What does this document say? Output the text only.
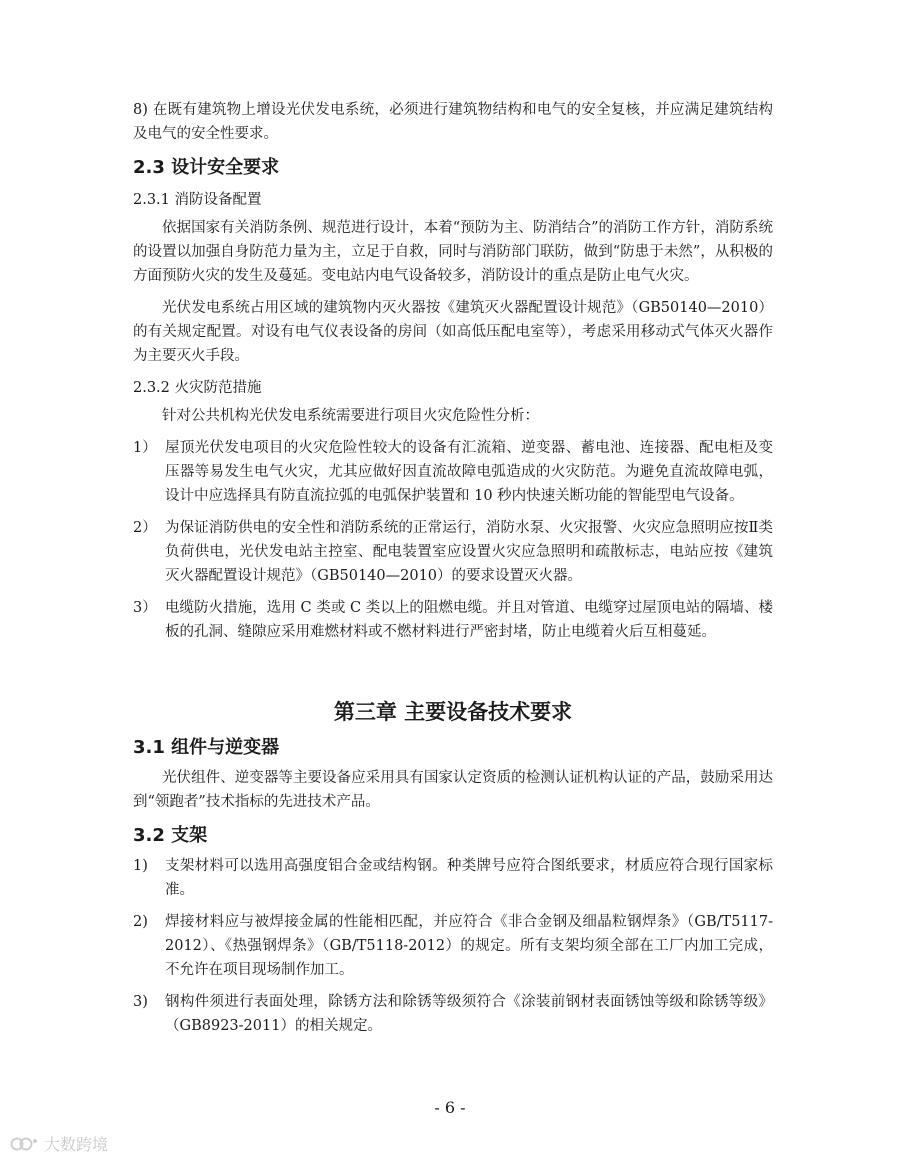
8) 在既有建筑物上增设光伏发电系统，必须进行建筑物结构和电气的安全复核，并应满足建筑结构及电气的安全性要求。

2.3 设计安全要求
2.3.1 消防设备配置

依据国家有关消防条例、规范进行设计，本着“预防为主、防消结合”的消防工作方针，消防系统的设置以加强自身防范力量为主，立足于自救，同时与消防部门联防，做到“防患于未然”，从积极的方面预防火灾的发生及蔓延。变电站内电气设备较多，消防设计的重点是防止电气火灾。

光伏发电系统占用区域的建筑物内灭火器按《建筑灭火器配置设计规范》（GB50140—2010）的有关规定配置。对设有电气仪表设备的房间（如高低压配电室等），考虑采用移动式气体灭火器作为主要灭火手段。

2.3.2 火灾防范措施

针对公共机构光伏发电系统需要进行项目火灾危险性分析：

1） 屋顶光伏发电项目的火灾危险性较大的设备有汇流箱、逆变器、蓄电池、连接器、配电柜及变压器等易发生电气火灾，尤其应做好因直流故障电弧造成的火灾防范。为避免直流故障电弧，设计中应选择具有防直流拉弧的电弧保护装置和 10 秒内快速关断功能的智能型电气设备。
2） 为保证消防供电的安全性和消防系统的正常运行，消防水泵、火灾报警、火灾应急照明应按Ⅱ类负荷供电，光伏发电站主控室、配电装置室应设置火灾应急照明和疏散标志，电站应按《建筑灭火器配置设计规范》（GB50140—2010）的要求设置灭火器。
3） 电缆防火措施，选用 C 类或 C 类以上的阻燃电缆。并且对管道、电缆穿过屋顶电站的隔墙、楼板的孔洞、缝隙应采用难燃材料或不燃材料进行严密封堵，防止电缆着火后互相蔓延。
第三章 主要设备技术要求
3.1 组件与逆变器

光伏组件、逆变器等主要设备应采用具有国家认定资质的检测认证机构认证的产品，鼓励采用达到“领跑者”技术指标的先进技术产品。

3.2 支架
1)	支架材料可以选用高强度铝合金或结构钢。种类牌号应符合图纸要求，材质应符合现行国家标准。
2)	焊接材料应与被焊接金属的性能相匹配，并应符合《非合金钢及细晶粒钢焊条》（GB/T5117-2012）、《热强钢焊条》（GB/T5118-2012）的规定。所有支架均须全部在工厂内加工完成，不允许在项目现场制作加工。
3)	钢构件须进行表面处理，除锈方法和除锈等级须符合《涂装前钢材表面锈蚀等级和除锈等级》（GB8923-2011）的相关规定。
- 6 -
大数跨境
